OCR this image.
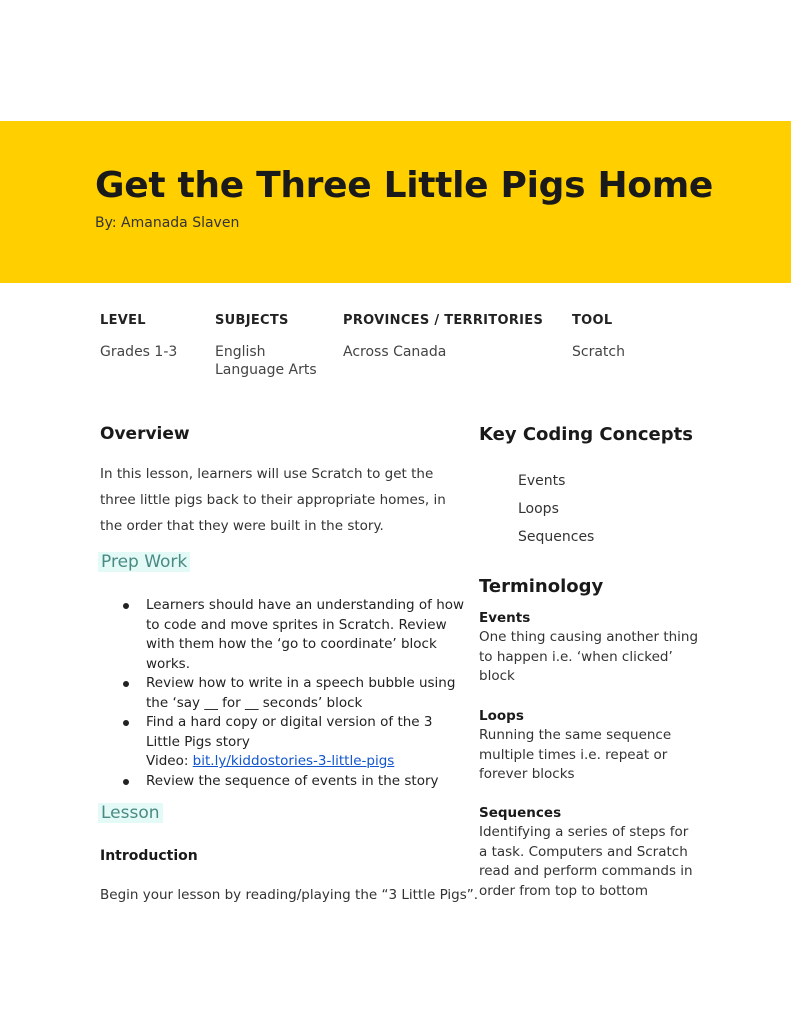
Get the Three Little Pigs Home
By: Amanada Slaven
LEVEL
Grades 1-3
SUBJECTS
English
Language Arts
PROVINCES / TERRITORIES
Across Canada
TOOL
Scratch
Overview

In this lesson, learners will use Scratch to get the three little pigs back to their appropriate homes, in the order that they were built in the story.

Prep Work
Learners should have an understanding of how to code and move sprites in Scratch. Review with them how the ‘go to coordinate’ block works.
Review how to write in a speech bubble using the ‘say __ for __ seconds’ block
Find a hard copy or digital version of the 3 Little Pigs story
Video: bit.ly/kiddostories-3-little-pigs
Review the sequence of events in the story
Lesson
Introduction
Begin your lesson by reading/playing the “3 Little Pigs”.
Key Coding Concepts
Events
Loops
Sequences
Terminology
Events
One thing causing another thing to happen i.e. ‘when clicked’ block
Loops
Running the same sequence multiple times i.e. repeat or forever blocks
Sequences
Identifying a series of steps for a task. Computers and Scratch read and perform commands in order from top to bottom
